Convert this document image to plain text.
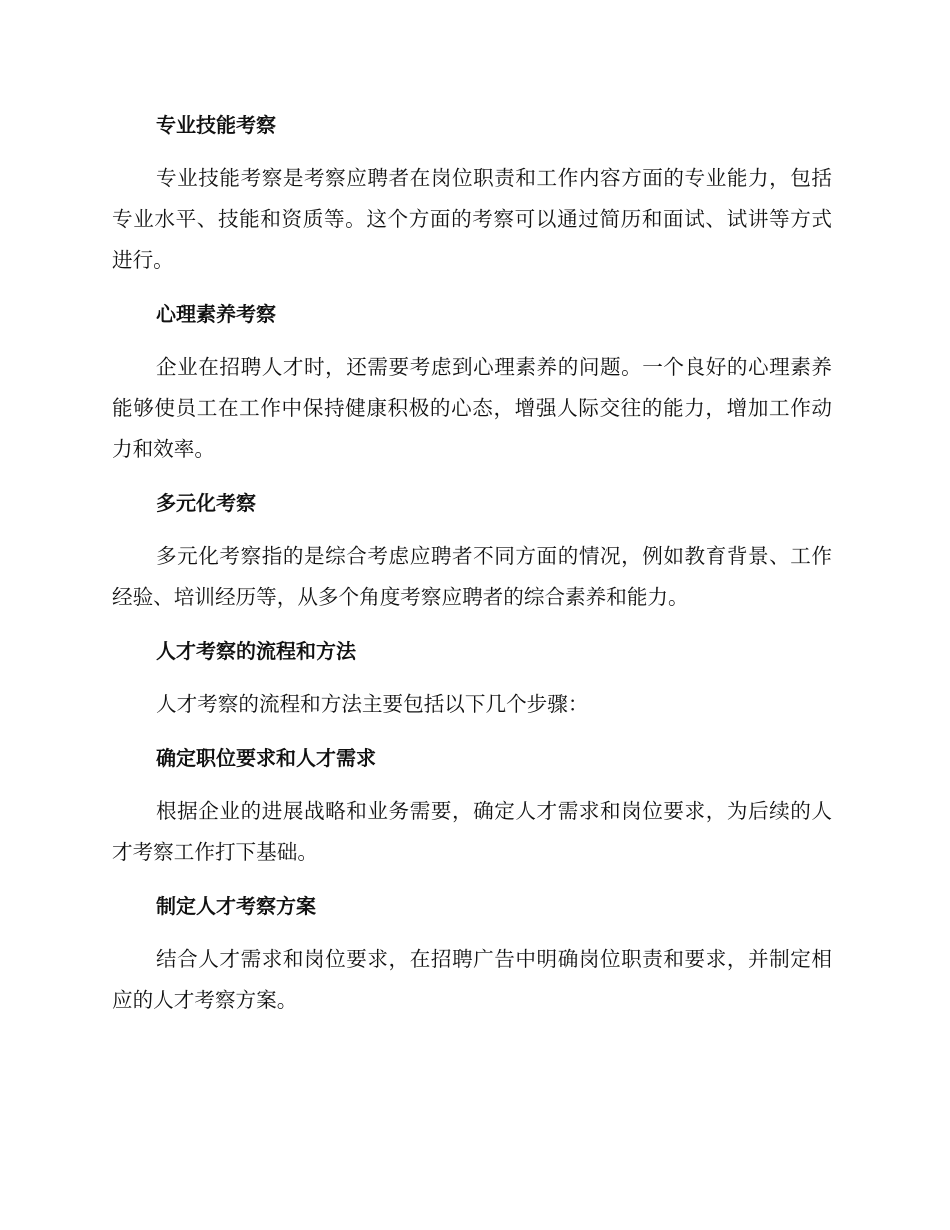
专业技能考察

专业技能考察是考察应聘者在岗位职责和工作内容方面的专业能力，包括专业水平、技能和资质等。这个方面的考察可以通过简历和面试、试讲等方式进行。

心理素养考察

企业在招聘人才时，还需要考虑到心理素养的问题。一个良好的心理素养能够使员工在工作中保持健康积极的心态，增强人际交往的能力，增加工作动力和效率。

多元化考察

多元化考察指的是综合考虑应聘者不同方面的情况，例如教育背景、工作经验、培训经历等，从多个角度考察应聘者的综合素养和能力。

人才考察的流程和方法

人才考察的流程和方法主要包括以下几个步骤：

确定职位要求和人才需求

根据企业的进展战略和业务需要，确定人才需求和岗位要求，为后续的人才考察工作打下基础。

制定人才考察方案

结合人才需求和岗位要求，在招聘广告中明确岗位职责和要求，并制定相应的人才考察方案。
